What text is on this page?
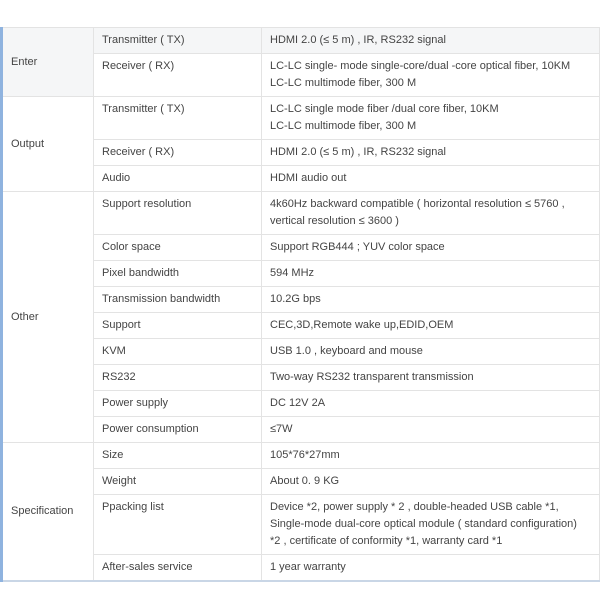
Enter	Transmitter ( TX)	HDMI 2.0 (≤ 5 m) , IR, RS232 signal

	Receiver ( RX)	LC-LC single- mode single-core/dual -core optical fiber, 10KM
LC-LC multimode fiber, 300 M

Output	Transmitter ( TX)	LC-LC single mode fiber /dual core fiber, 10KM
LC-LC multimode fiber, 300 M

	Receiver ( RX)	HDMI 2.0 (≤ 5 m) , IR, RS232 signal

	Audio	HDMI audio out

Other	Support resolution	4k60Hz backward compatible ( horizontal resolution ≤ 5760 ,
vertical resolution ≤ 3600 )

	Color space	Support RGB444 ; YUV color space

	Pixel bandwidth	594 MHz

	Transmission bandwidth	10.2G bps

	Support	CEC,3D,Remote wake up,EDID,OEM

	KVM	USB 1.0 , keyboard and mouse

	RS232	Two-way RS232 transparent transmission

	Power supply	DC 12V 2A

	Power consumption	≤7W

Specification	Size	105*76*27mm

	Weight	About 0. 9 KG

	Ppacking list	Device *2, power supply * 2 , double-headed USB cable *1,
Single-mode dual-core optical module ( standard configuration)
*2 , certificate of conformity *1, warranty card *1

	After-sales service	1 year warranty
